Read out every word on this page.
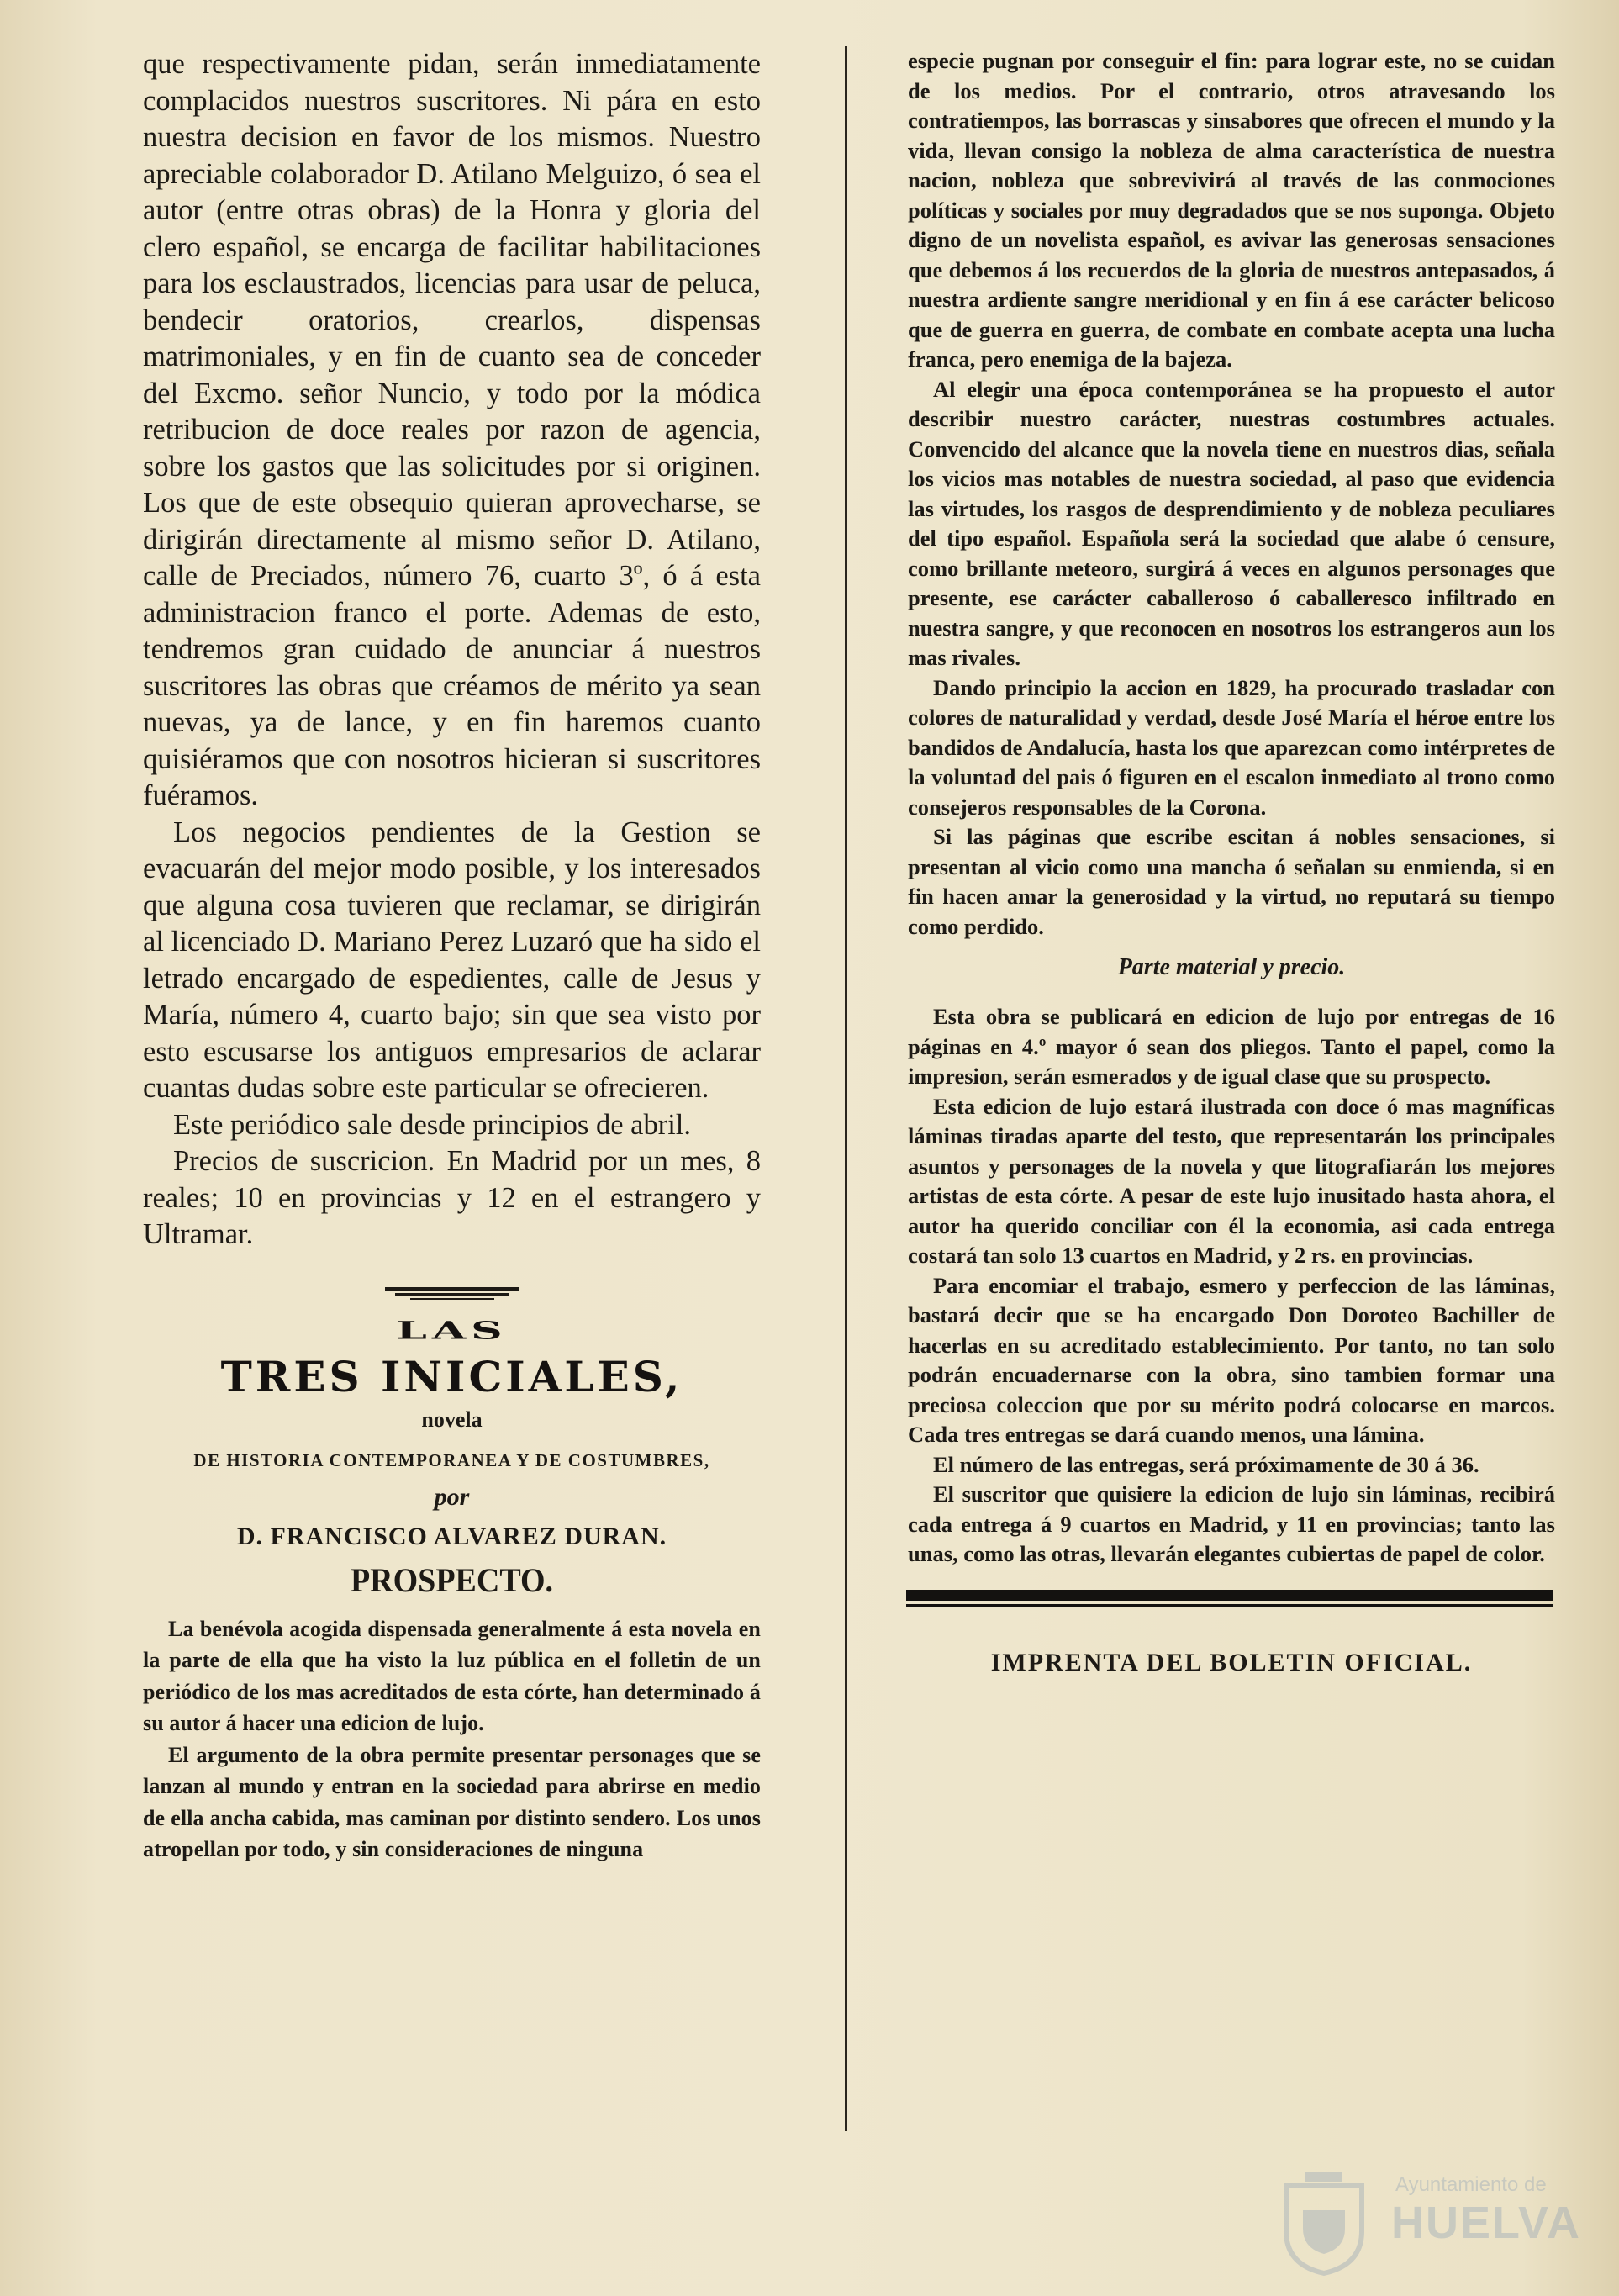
que respectivamente pidan, serán inmediatamente complacidos nuestros suscritores. Ni pára en esto nuestra decision en favor de los mismos. Nuestro apreciable colaborador D. Atilano Melguizo, ó sea el autor (entre otras obras) de la Honra y gloria del clero español, se encarga de facilitar habilitaciones para los esclaustrados, licencias para usar de peluca, bendecir oratorios, crearlos, dispensas matrimoniales, y en fin de cuanto sea de conceder del Excmo. señor Nuncio, y todo por la módica retribucion de doce reales por razon de agencia, sobre los gastos que las solicitudes por si originen. Los que de este obsequio quieran aprovecharse, se dirigirán directamente al mismo señor D. Atilano, calle de Preciados, número 76, cuarto 3º, ó á esta administracion franco el porte. Ademas de esto, tendremos gran cuidado de anunciar á nuestros suscritores las obras que créamos de mérito ya sean nuevas, ya de lance, y en fin haremos cuanto quisiéramos que con nosotros hicieran si suscritores fuéramos.

Los negocios pendientes de la Gestion se evacuarán del mejor modo posible, y los interesados que alguna cosa tuvieren que reclamar, se dirigirán al licenciado D. Mariano Perez Luzaró que ha sido el letrado encargado de espedientes, calle de Jesus y María, número 4, cuarto bajo; sin que sea visto por esto escusarse los antiguos empresarios de aclarar cuantas dudas sobre este particular se ofrecieren.

Este periódico sale desde principios de abril.

Precios de suscricion. En Madrid por un mes, 8 reales; 10 en provincias y 12 en el estrangero y Ultramar.

LAS
TRES INICIALES,
novela
DE HISTORIA CONTEMPORANEA Y DE COSTUMBRES,
por
D. FRANCISCO ALVAREZ DURAN.
PROSPECTO.

La benévola acogida dispensada generalmente á esta novela en la parte de ella que ha visto la luz pública en el folletin de un periódico de los mas acreditados de esta córte, han determinado á su autor á hacer una edicion de lujo.

El argumento de la obra permite presentar personages que se lanzan al mundo y entran en la sociedad para abrirse en medio de ella ancha cabida, mas caminan por distinto sendero. Los unos atropellan por todo, y sin consideraciones de ninguna

especie pugnan por conseguir el fin: para lograr este, no se cuidan de los medios. Por el contrario, otros atravesando los contratiempos, las borrascas y sinsabores que ofrecen el mundo y la vida, llevan consigo la nobleza de alma característica de nuestra nacion, nobleza que sobrevivirá al través de las conmociones políticas y sociales por muy degradados que se nos suponga. Objeto digno de un novelista español, es avivar las generosas sensaciones que debemos á los recuerdos de la gloria de nuestros antepasados, á nuestra ardiente sangre meridional y en fin á ese carácter belicoso que de guerra en guerra, de combate en combate acepta una lucha franca, pero enemiga de la bajeza.

Al elegir una época contemporánea se ha propuesto el autor describir nuestro carácter, nuestras costumbres actuales. Convencido del alcance que la novela tiene en nuestros dias, señala los vicios mas notables de nuestra sociedad, al paso que evidencia las virtudes, los rasgos de desprendimiento y de nobleza peculiares del tipo español. Española será la sociedad que alabe ó censure, como brillante meteoro, surgirá á veces en algunos personages que presente, ese carácter caballeroso ó caballeresco infiltrado en nuestra sangre, y que reconocen en nosotros los estrangeros aun los mas rivales.

Dando principio la accion en 1829, ha procurado trasladar con colores de naturalidad y verdad, desde José María el héroe entre los bandidos de Andalucía, hasta los que aparezcan como intérpretes de la voluntad del pais ó figuren en el escalon inmediato al trono como consejeros responsables de la Corona.

Si las páginas que escribe escitan á nobles sensaciones, si presentan al vicio como una mancha ó señalan su enmienda, si en fin hacen amar la generosidad y la virtud, no reputará su tiempo como perdido.

Parte material y precio.

Esta obra se publicará en edicion de lujo por entregas de 16 páginas en 4.º mayor ó sean dos pliegos. Tanto el papel, como la impresion, serán esmerados y de igual clase que su prospecto.

Esta edicion de lujo estará ilustrada con doce ó mas magníficas láminas tiradas aparte del testo, que representarán los principales asuntos y personages de la novela y que litografiarán los mejores artistas de esta córte. A pesar de este lujo inusitado hasta ahora, el autor ha querido conciliar con él la economia, asi cada entrega costará tan solo 13 cuartos en Madrid, y 2 rs. en provincias.

Para encomiar el trabajo, esmero y perfeccion de las láminas, bastará decir que se ha encargado Don Doroteo Bachiller de hacerlas en su acreditado establecimiento. Por tanto, no tan solo podrán encuadernarse con la obra, sino tambien formar una preciosa coleccion que por su mérito podrá colocarse en marcos. Cada tres entregas se dará cuando menos, una lámina.

El número de las entregas, será próximamente de 30 á 36.

El suscritor que quisiere la edicion de lujo sin láminas, recibirá cada entrega á 9 cuartos en Madrid, y 11 en provincias; tanto las unas, como las otras, llevarán elegantes cubiertas de papel de color.

IMPRENTA DEL BOLETIN OFICIAL.
Ayuntamiento de
HUELVA
